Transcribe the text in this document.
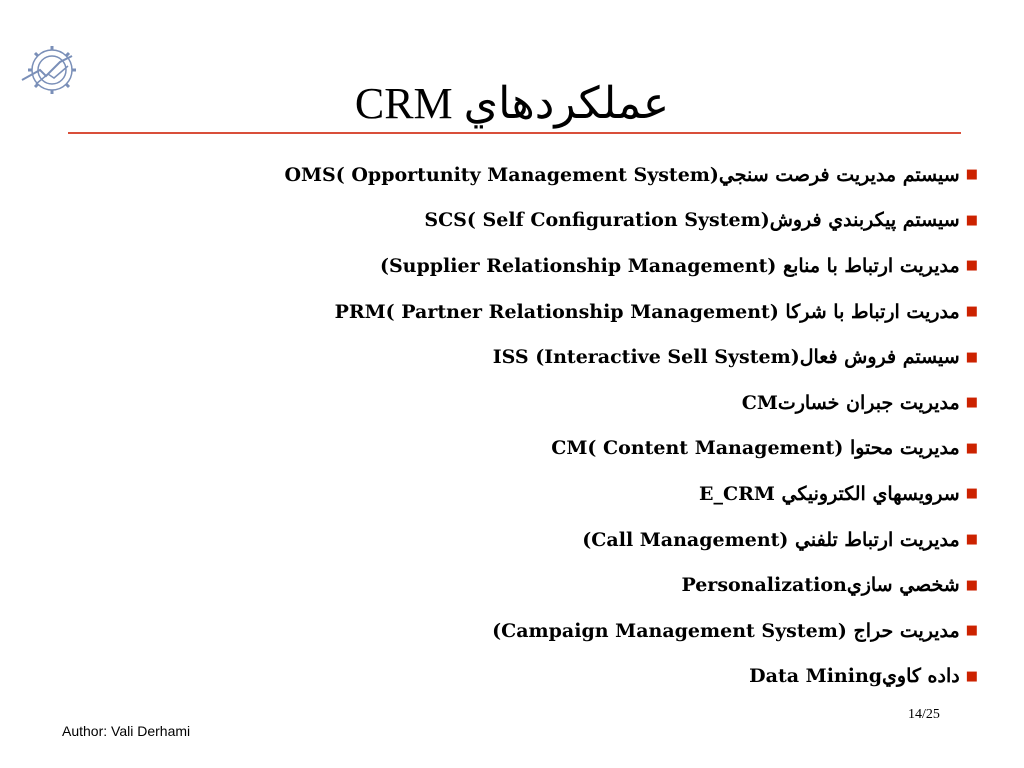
عملكردهاي CRM
■
سيستم مديريت فرصت سنجيOMS( Opportunity Management System)
■
سيستم پيكربندي فروشSCS( Self Configuration System)
■
مديريت ارتباط با منابع (Supplier Relationship Management)
■
مدريت ارتباط با شركا PRM( Partner Relationship Management)
■
سيستم فروش فعالISS (Interactive Sell System)
■
مديريت جبران خسارتCM
■
مديريت محتوا CM( Content Management)
■
سرويسهاي الكترونيكي E_CRM
■
مديريت ارتباط تلفني (Call Management)
■
شخصي سازيPersonalization
■
مديريت حراج (Campaign Management System)
■
داده كاويData Mining
Author: Vali Derhami
14/25
